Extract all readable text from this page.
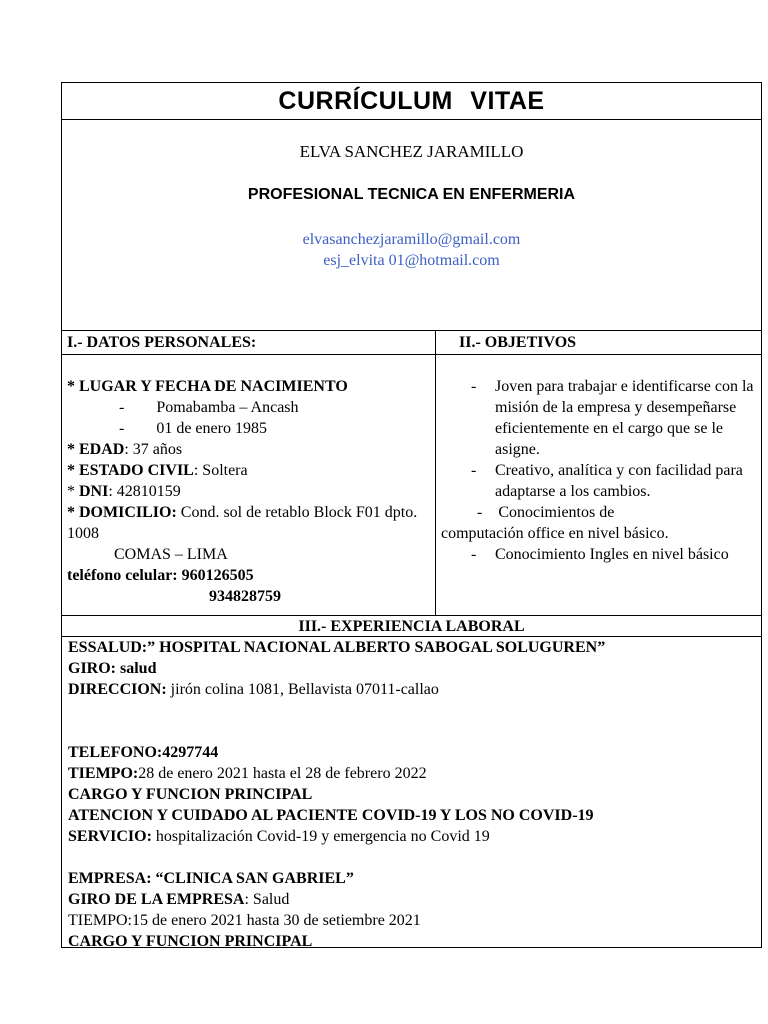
CURRÍCULUM VITAE
ELVA SANCHEZ JARAMILLO
PROFESIONAL TECNICA EN ENFERMERIA
elvasanchezjaramillo@gmail.com
esj_elvita 01@hotmail.com
I.- DATOS PERSONALES:	II.- OBJETIVOS
* LUGAR Y FECHA DE NACIMIENTO
- Pomabamba – Ancash
- 01 de enero 1985
* EDAD: 37 años
* ESTADO CIVIL: Soltera
* DNI: 42810159
* DOMICILIO: Cond. sol de retablo Block F01 dpto. 1008
COMAS – LIMA
teléfono celular: 960126505
934828759
- Joven para trabajar e identificarse con la misión de la empresa y desempeñarse eficientemente en el cargo que se le asigne.
- Creativo, analítica y con facilidad para adaptarse a los cambios.
- Conocimientos de
computación office en nivel básico.
- Conocimiento Ingles en nivel básico
III.- EXPERIENCIA LABORAL
ESSALUD:” HOSPITAL NACIONAL ALBERTO SABOGAL SOLUGUREN”
GIRO: salud
DIRECCION: jirón colina 1081, Bellavista 07011-callao
TELEFONO:4297744
TIEMPO:28 de enero 2021 hasta el 28 de febrero 2022
CARGO Y FUNCION PRINCIPAL
ATENCION Y CUIDADO AL PACIENTE COVID-19 Y LOS NO COVID-19
SERVICIO: hospitalización Covid-19 y emergencia no Covid 19
EMPRESA: “CLINICA SAN GABRIEL”
GIRO DE LA EMPRESA: Salud
TIEMPO:15 de enero 2021 hasta 30 de setiembre 2021
CARGO Y FUNCION PRINCIPAL
